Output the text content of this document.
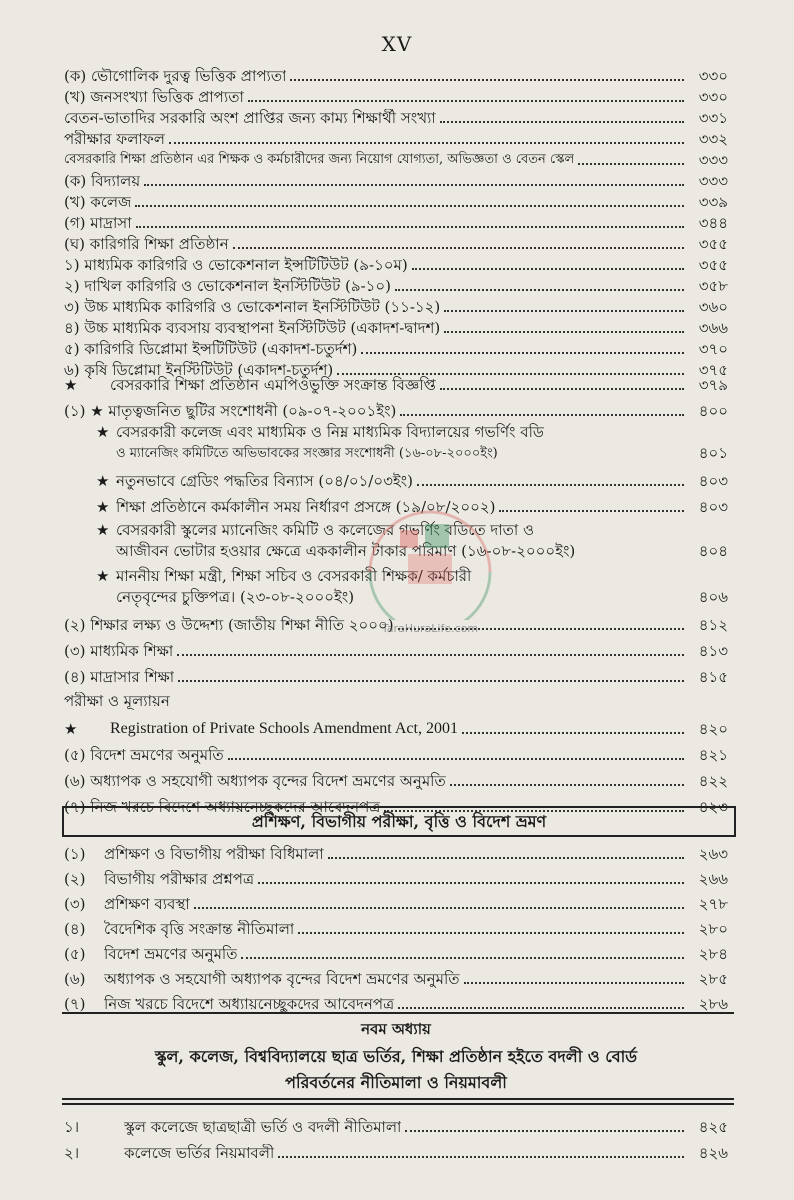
XV
(ক) ভৌগোলিক দুরত্ব ভিত্তিক প্রাপ্যতা	৩৩০
(খ) জনসংখ্যা ভিত্তিক প্রাপ্যতা	৩৩০
বেতন-ভাতাদির সরকারি অংশ প্রাপ্তির জন্য কাম্য শিক্ষার্থী সংখ্যা	৩৩১
পরীক্ষার ফলাফল	৩৩২
বেসরকারি শিক্ষা প্রতিষ্ঠান এর শিক্ষক ও কর্মচারীদের জন্য নিয়োগ যোগ্যতা, অভিজ্ঞতা ও বেতন স্কেল	৩৩৩
(ক) বিদ্যালয়	৩৩৩
(খ) কলেজ	৩৩৯
(গ) মাদ্রাসা	৩৪৪
(ঘ) কারিগরি শিক্ষা প্রতিষ্ঠান	৩৫৫
১) মাধ্যমিক কারিগরি ও ভোকেশনাল ইন্সটিটিউট (৯-১০ম)	৩৫৫
২) দাখিল কারিগরি ও ভোকেশনাল ইনস্টিটিউট (৯-১০)	৩৫৮
৩) উচ্চ মাধ্যমিক কারিগরি ও ভোকেশনাল ইনস্টিটিউট (১১-১২)	৩৬০
৪) উচ্চ মাধ্যমিক ব্যবসায় ব্যবস্থাপনা ইনস্টিটিউট (একাদশ-দ্বাদশ)	৩৬৬
৫) কারিগরি ডিপ্লোমা ইন্সটিটিউট (একাদশ-চতুর্দশ)	৩৭০
৬) কৃষি ডিপ্লোমা ইনস্টিটিউট (একাদশ-চতুর্দশ)	৩৭৫
★	বেসরকারি শিক্ষা প্রতিষ্ঠান এমপিওভুক্তি সংক্রান্ত বিজ্ঞপ্তি	৩৭৯
(১) ★ মাতৃত্বজনিত ছুটির সংশোধনী (০৯-০৭-২০০১ইং)	৪০০
★ বেসরকারী কলেজ এবং মাধ্যমিক ও নিম্ন মাধ্যমিক বিদ্যালয়ের গভর্ণিং বডি
ও ম্যানেজিং কমিটিতে অভিভাবকের সংজ্ঞার সংশোধনী (১৬-০৮-২০০০ইং)	৪০১
★ নতুনভাবে গ্রেডিং পদ্ধতির বিন্যাস (০৪/০১/০৩ইং)	৪০৩
★ শিক্ষা প্রতিষ্ঠানে কর্মকালীন সময় নির্ধারণ প্রসঙ্গে (১৯/০৮/২০০২)	৪০৩
★ বেসরকারী স্কুলের ম্যানেজিং কমিটি ও কলেজের গভর্ণিং বডিতে দাতা ও
আজীবন ভোটার হওয়ার ক্ষেত্রে এককালীন টাকার পরিমাণ (১৬-০৮-২০০০ইং)	৪০৪
★ মাননীয় শিক্ষা মন্ত্রী, শিক্ষা সচিব ও বেসরকারী শিক্ষক/ কর্মচারী
নেতৃবৃন্দের চুক্তিপত্র। (২৩-০৮-২০০০ইং)	৪০৬
(২) শিক্ষার লক্ষ্য ও উদ্দেশ্য (জাতীয় শিক্ষা নীতি ২০০০)	৪১২
(৩) মাধ্যমিক শিক্ষা	৪১৩
(৪) মাদ্রাসার শিক্ষা	৪১৫
পরীক্ষা ও মূল্যায়ন
★	Registration of Private Schools Amendment Act, 2001	৪২০
(৫) বিদেশ ভ্রমণের অনুমতি	৪২১
(৬) অধ্যাপক ও সহযোগী অধ্যাপক বৃন্দের বিদেশ ভ্রমণের অনুমতি	৪২২
(৭) নিজ খরচে বিদেশে অধ্যায়নেচ্ছুকদের আবেদনপত্র	৪২৩
প্রশিক্ষণ, বিভাগীয় পরীক্ষা, বৃত্তি ও বিদেশ ভ্রমণ
(১)	প্রশিক্ষণ ও বিভাগীয় পরীক্ষা বিধিমালা	২৬৩
(২)	বিভাগীয় পরীক্ষার প্রশ্নপত্র	২৬৬
(৩)	প্রশিক্ষণ ব্যবস্থা	২৭৮
(৪)	বৈদেশিক বৃত্তি সংক্রান্ত নীতিমালা	২৮০
(৫)	বিদেশ ভ্রমণের অনুমতি	২৮৪
(৬)	অধ্যাপক ও সহযোগী অধ্যাপক বৃন্দের বিদেশ ভ্রমণের অনুমতি	২৮৫
(৭)	নিজ খরচে বিদেশে অধ্যায়নেচ্ছুকদের আবেদনপত্র	২৮৬
নবম অধ্যায়
স্কুল, কলেজ, বিশ্ববিদ্যালয়ে ছাত্র ভর্তির, শিক্ষা প্রতিষ্ঠান হইতে বদলী ও বোর্ড
পরিবর্তনের নীতিমালা ও নিয়মাবলী
১।	স্কুল কলেজে ছাত্রছাত্রী ভর্তি ও বদলী নীতিমালা	৪২৫
২।	কলেজে ভর্তির নিয়মাবলী	৪২৬
TaraHuraLife.com
